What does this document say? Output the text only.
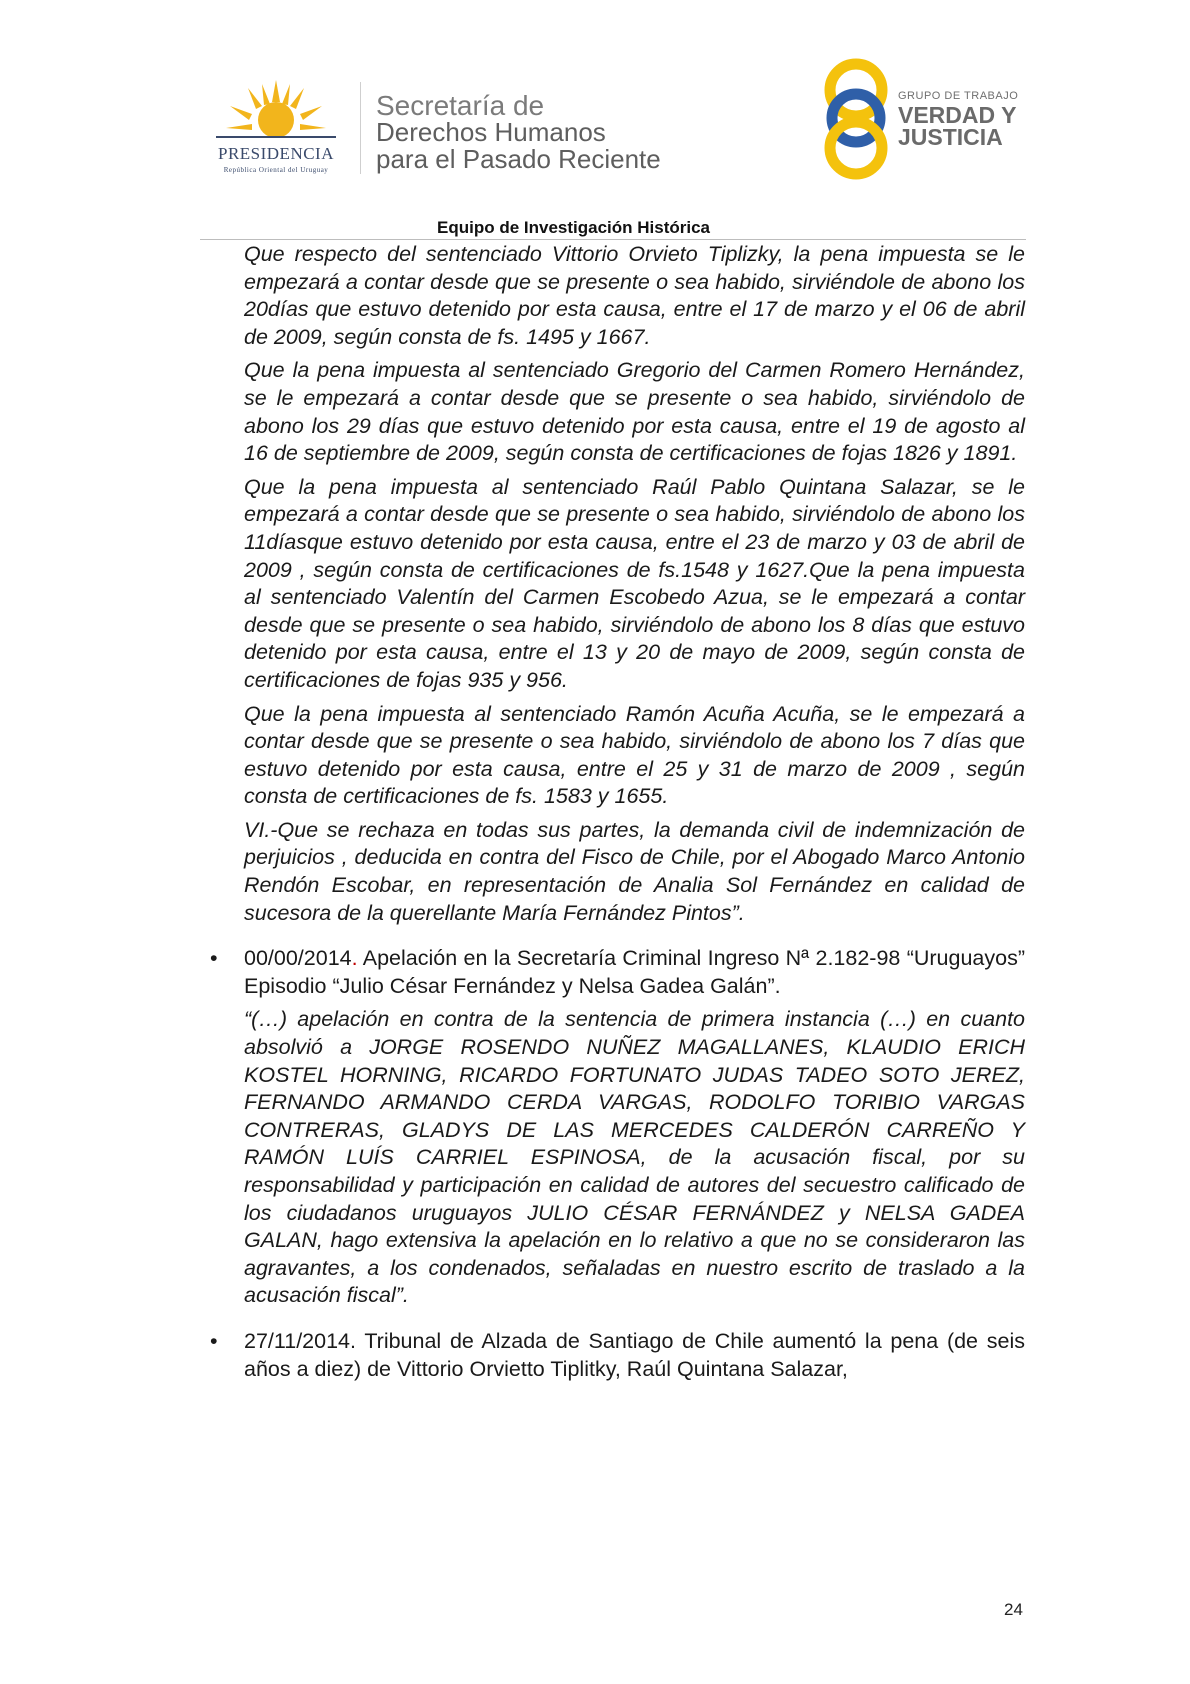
PRESIDENCIA
República Oriental del Uruguay
Secretaría de
Derechos Humanos
para el Pasado Reciente
GRUPO DE TRABAJO
VERDAD Y
JUSTICIA
Equipo de Investigación Histórica

Que respecto del sentenciado Vittorio Orvieto Tiplizky, la pena impuesta se le empezará a contar desde que se presente o sea habido, sirviéndole de abono los 20días que estuvo detenido por esta causa, entre el 17 de marzo y el 06 de abril de 2009, según consta de fs. 1495 y 1667.

Que la pena impuesta al sentenciado Gregorio del Carmen Romero Hernández, se le empezará a contar desde que se presente o sea habido, sirviéndolo de abono los 29 días que estuvo detenido por esta causa, entre el 19 de agosto al 16 de septiembre de 2009, según consta de certificaciones de fojas 1826 y 1891.

Que la pena impuesta al sentenciado Raúl Pablo Quintana Salazar, se le empezará a contar desde que se presente o sea habido, sirviéndolo de abono los 11díasque estuvo detenido por esta causa, entre el 23 de marzo y 03 de abril de 2009 , según consta de certificaciones de fs.1548 y 1627.Que la pena impuesta al sentenciado Valentín del Carmen Escobedo Azua, se le empezará a contar desde que se presente o sea habido, sirviéndolo de abono los 8 días que estuvo detenido por esta causa, entre el 13 y 20 de mayo de 2009, según consta de certificaciones de fojas 935 y 956.

Que la pena impuesta al sentenciado Ramón Acuña Acuña, se le empezará a contar desde que se presente o sea habido, sirviéndolo de abono los 7 días que estuvo detenido por esta causa, entre el 25 y 31 de marzo de 2009 , según consta de certificaciones de fs. 1583 y 1655.

VI.-Que se rechaza en todas sus partes, la demanda civil de indemnización de perjuicios , deducida en contra del Fisco de Chile, por el Abogado Marco Antonio Rendón Escobar, en representación de Analia Sol Fernández en calidad de sucesora de la querellante María Fernández Pintos”.

• 00/00/2014. Apelación en la Secretaría Criminal Ingreso Nª 2.182-98 “Uruguayos” Episodio “Julio César Fernández y Nelsa Gadea Galán”.

“(…) apelación en contra de la sentencia de primera instancia (…) en cuanto absolvió a JORGE ROSENDO NUÑEZ MAGALLANES, KLAUDIO ERICH KOSTEL HORNING, RICARDO FORTUNATO JUDAS TADEO SOTO JEREZ, FERNANDO ARMANDO CERDA VARGAS, RODOLFO TORIBIO VARGAS CONTRERAS, GLADYS DE LAS MERCEDES CALDERÓN CARREÑO Y RAMÓN LUÍS CARRIEL ESPINOSA, de la acusación fiscal, por su responsabilidad y participación en calidad de autores del secuestro calificado de los ciudadanos uruguayos JULIO CÉSAR FERNÁNDEZ y NELSA GADEA GALAN, hago extensiva la apelación en lo relativo a que no se consideraron las agravantes, a los condenados, señaladas en nuestro escrito de traslado a la acusación fiscal”.

• 27/11/2014. Tribunal de Alzada de Santiago de Chile aumentó la pena (de seis años a diez) de Vittorio Orvietto Tiplitky, Raúl Quintana Salazar,

24
